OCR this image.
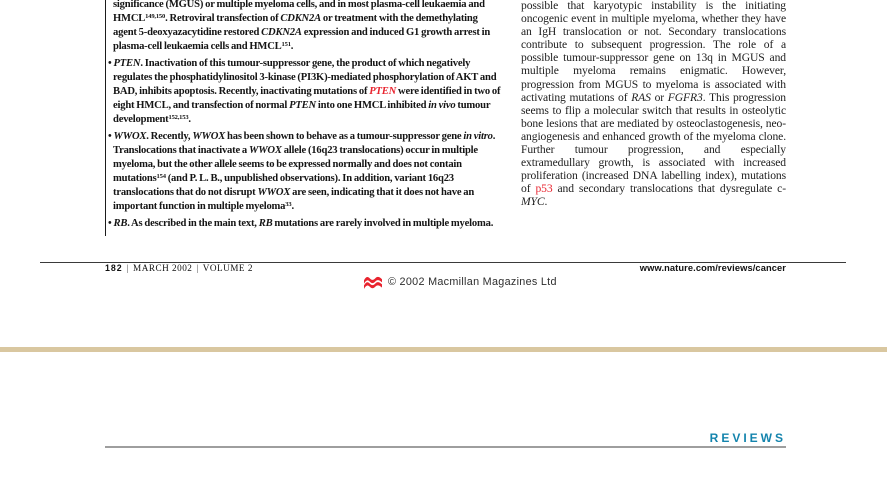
significance (MGUS) or multiple myeloma cells, and in most plasma-cell leukaemia and HMCL$^{149,150}$. Retroviral transfection of CDKN2A or treatment with the demethylating agent 5-deoxyazacytidine restored CDKN2A expression and induced G1 growth arrest in plasma-cell leukaemia cells and HMCL$^{151}$.

• PTEN. Inactivation of this tumour-suppressor gene, the product of which negatively regulates the phosphatidylinositol 3-kinase (PI3K)-mediated phosphorylation of AKT and BAD, inhibits apoptosis. Recently, inactivating mutations of PTEN were identified in two of eight HMCL, and transfection of normal PTEN into one HMCL inhibited in vivo tumour development$^{152,153}$.

• WWOX. Recently, WWOX has been shown to behave as a tumour-suppressor gene in vitro. Translocations that inactivate a WWOX allele (16q23 translocations) occur in multiple myeloma, but the other allele seems to be expressed normally and does not contain mutations$^{154}$ (and P. L. B., unpublished observations). In addition, variant 16q23 translocations that do not disrupt WWOX are seen, indicating that it does not have an important function in multiple myeloma$^{33}$.

• RB. As described in the main text, RB mutations are rarely involved in multiple myeloma.

possible that karyotypic instability is the initiating oncogenic event in multiple myeloma, whether they have an IgH translocation or not. Secondary translocations contribute to subsequent progression. The role of a possible tumour-suppressor gene on 13q in MGUS and multiple myeloma remains enigmatic. However, progression from MGUS to myeloma is associated with activating mutations of RAS or FGFR3. This progression seems to flip a molecular switch that results in osteolytic bone lesions that are mediated by osteoclastogenesis, neo-angiogenesis and enhanced growth of the myeloma clone. Further tumour progression, and especially extramedullary growth, is associated with increased proliferation (increased DNA labelling index), mutations of p53 and secondary translocations that dysregulate c-MYC.

182 | MARCH 2002 | VOLUME 2	www.nature.com/reviews/cancer
© 2002 Macmillan Magazines Ltd
REVIEWS
